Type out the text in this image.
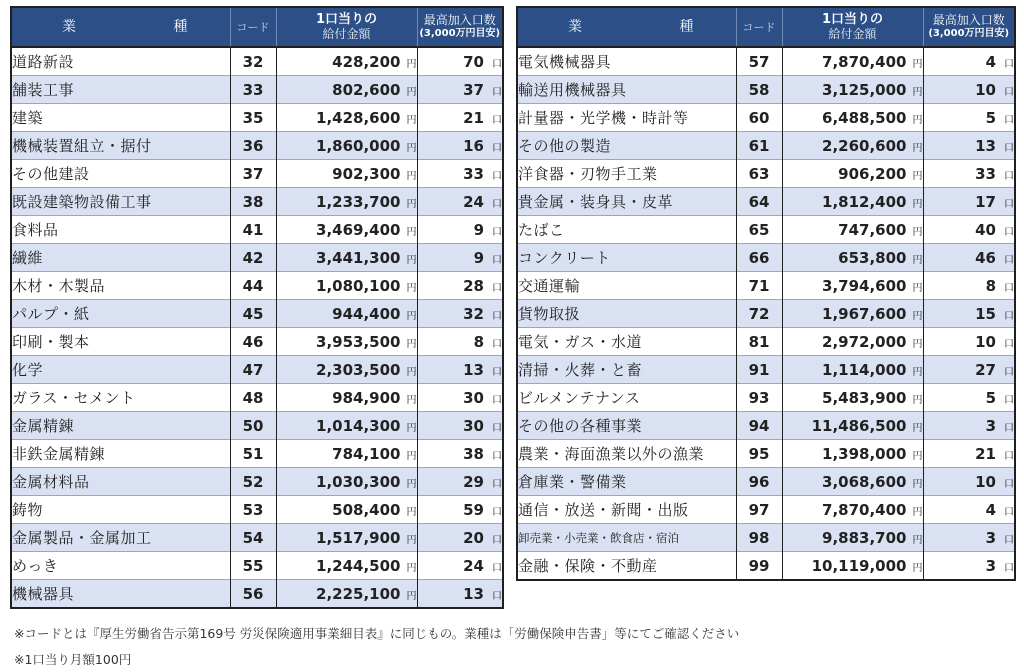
業 種	コード	1口当りの
給付金額	最高加入口数
(3,000万円目安)

道路新設	32	428,200 円	70 口
舗装工事	33	802,600 円	37 口
建築	35	1,428,600 円	21 口
機械装置組立・据付	36	1,860,000 円	16 口
その他建設	37	902,300 円	33 口
既設建築物設備工事	38	1,233,700 円	24 口
食料品	41	3,469,400 円	9 口
繊維	42	3,441,300 円	9 口
木材・木製品	44	1,080,100 円	28 口
パルプ・紙	45	944,400 円	32 口
印刷・製本	46	3,953,500 円	8 口
化学	47	2,303,500 円	13 口
ガラス・セメント	48	984,900 円	30 口
金属精錬	50	1,014,300 円	30 口
非鉄金属精錬	51	784,100 円	38 口
金属材料品	52	1,030,300 円	29 口
鋳物	53	508,400 円	59 口
金属製品・金属加工	54	1,517,900 円	20 口
めっき	55	1,244,500 円	24 口
機械器具	56	2,225,100 円	13 口
業 種	コード	1口当りの
給付金額	最高加入口数
(3,000万円目安)

電気機械器具	57	7,870,400 円	4 口
輸送用機械器具	58	3,125,000 円	10 口
計量器・光学機・時計等	60	6,488,500 円	5 口
その他の製造	61	2,260,600 円	13 口
洋食器・刃物手工業	63	906,200 円	33 口
貴金属・装身具・皮革	64	1,812,400 円	17 口
たばこ	65	747,600 円	40 口
コンクリート	66	653,800 円	46 口
交通運輸	71	3,794,600 円	8 口
貨物取扱	72	1,967,600 円	15 口
電気・ガス・水道	81	2,972,000 円	10 口
清掃・火葬・と畜	91	1,114,000 円	27 口
ビルメンテナンス	93	5,483,900 円	5 口
その他の各種事業	94	11,486,500 円	3 口
農業・海面漁業以外の漁業	95	1,398,000 円	21 口
倉庫業・警備業	96	3,068,600 円	10 口
通信・放送・新聞・出版	97	7,870,400 円	4 口
卸売業・小売業・飲食店・宿泊	98	9,883,700 円	3 口
金融・保険・不動産	99	10,119,000 円	3 口
※コードとは『厚生労働省告示第169号 労災保険適用事業細目表』に同じもの。業種は「労働保険申告書」等にてご確認ください
※1口当り月額100円
